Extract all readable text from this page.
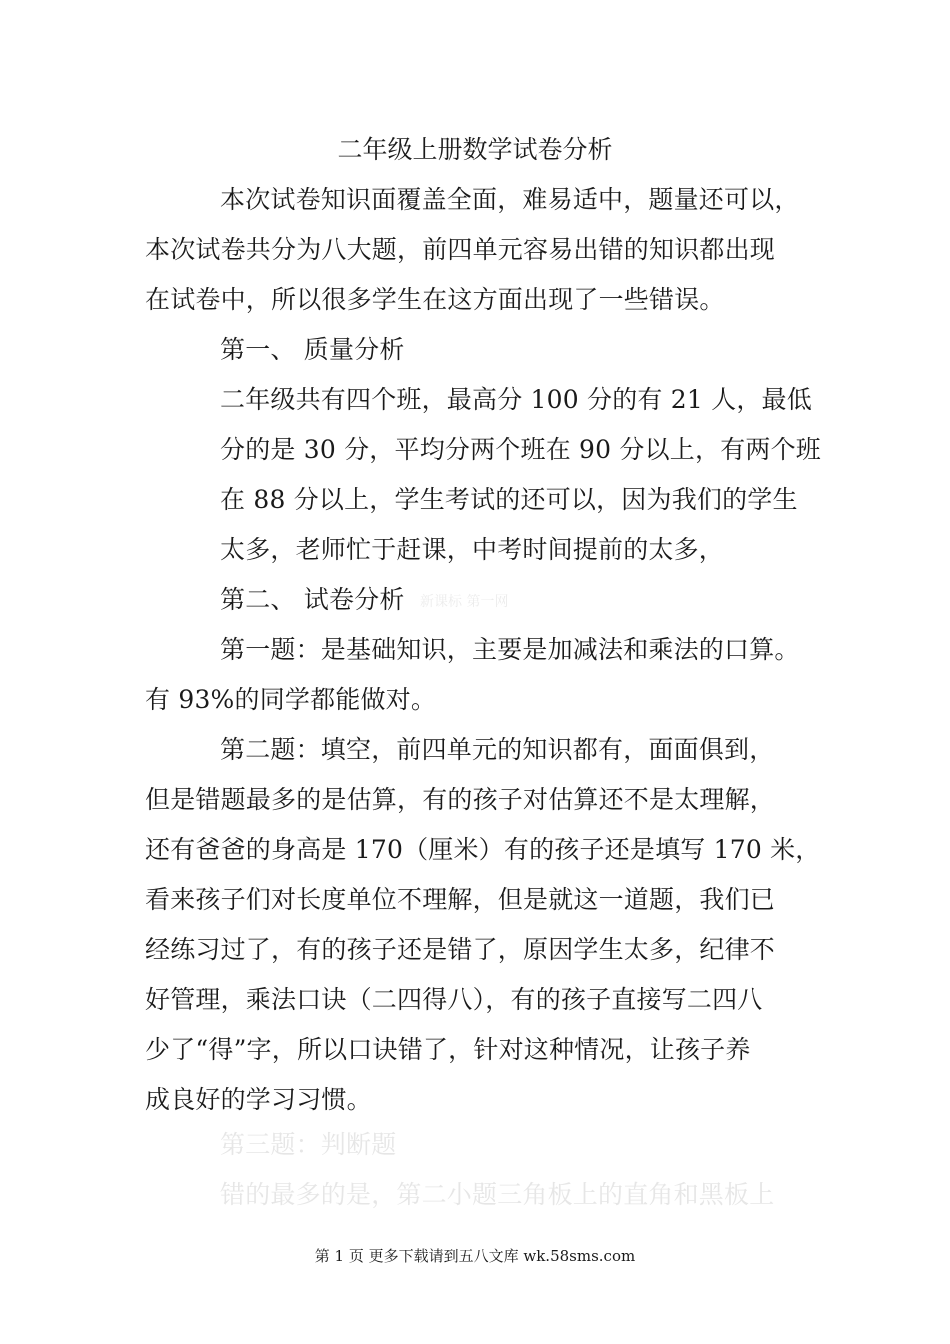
二年级上册数学试卷分析
本次试卷知识面覆盖全面，难易适中，题量还可以，
本次试卷共分为八大题，前四单元容易出错的知识都出现
在试卷中，所以很多学生在这方面出现了一些错误。
第一、 质量分析
二年级共有四个班，最高分 100 分的有 21 人，最低
分的是 30 分，平均分两个班在 90 分以上，有两个班
在 88 分以上，学生考试的还可以，因为我们的学生
太多，老师忙于赶课，中考时间提前的太多，
第二、 试卷分析 新课标 第一网
第一题：是基础知识，主要是加减法和乘法的口算。
有 93%的同学都能做对。
第二题：填空，前四单元的知识都有，面面俱到，
但是错题最多的是估算，有的孩子对估算还不是太理解，
还有爸爸的身高是 170（厘米）有的孩子还是填写 170 米，
看来孩子们对长度单位不理解，但是就这一道题，我们已
经练习过了，有的孩子还是错了，原因学生太多，纪律不
好管理，乘法口诀（二四得八），有的孩子直接写二四八
少了“得”字，所以口诀错了，针对这种情况，让孩子养
成良好的学习习惯。
第三题：判断题
错的最多的是，第二小题三角板上的直角和黑板上
第 1 页 更多下载请到五八文库 wk.58sms.com
